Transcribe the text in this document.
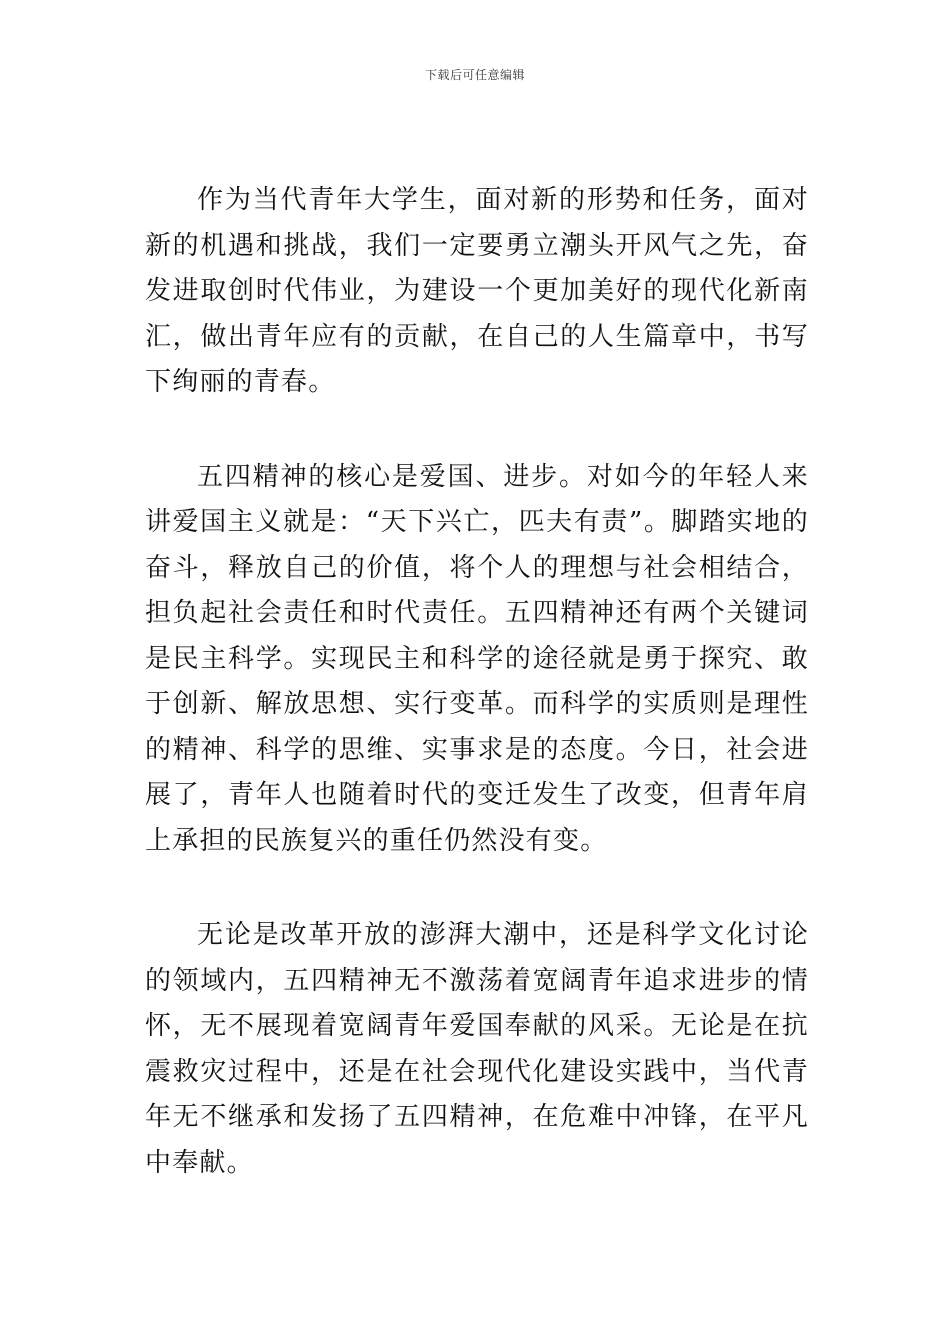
下载后可任意编辑

作为当代青年大学生，面对新的形势和任务，面对新的机遇和挑战，我们一定要勇立潮头开风气之先，奋发进取创时代伟业，为建设一个更加美好的现代化新南汇，做出青年应有的贡献，在自己的人生篇章中，书写下绚丽的青春。

五四精神的核心是爱国、进步。对如今的年轻人来讲爱国主义就是：“天下兴亡，匹夫有责”。脚踏实地的奋斗，释放自己的价值，将个人的理想与社会相结合，担负起社会责任和时代责任。五四精神还有两个关键词是民主科学。实现民主和科学的途径就是勇于探究、敢于创新、解放思想、实行变革。而科学的实质则是理性的精神、科学的思维、实事求是的态度。今日，社会进展了，青年人也随着时代的变迁发生了改变，但青年肩上承担的民族复兴的重任仍然没有变。

无论是改革开放的澎湃大潮中，还是科学文化讨论的领域内，五四精神无不激荡着宽阔青年追求进步的情怀，无不展现着宽阔青年爱国奉献的风采。无论是在抗震救灾过程中，还是在社会现代化建设实践中，当代青年无不继承和发扬了五四精神，在危难中冲锋，在平凡中奉献。
